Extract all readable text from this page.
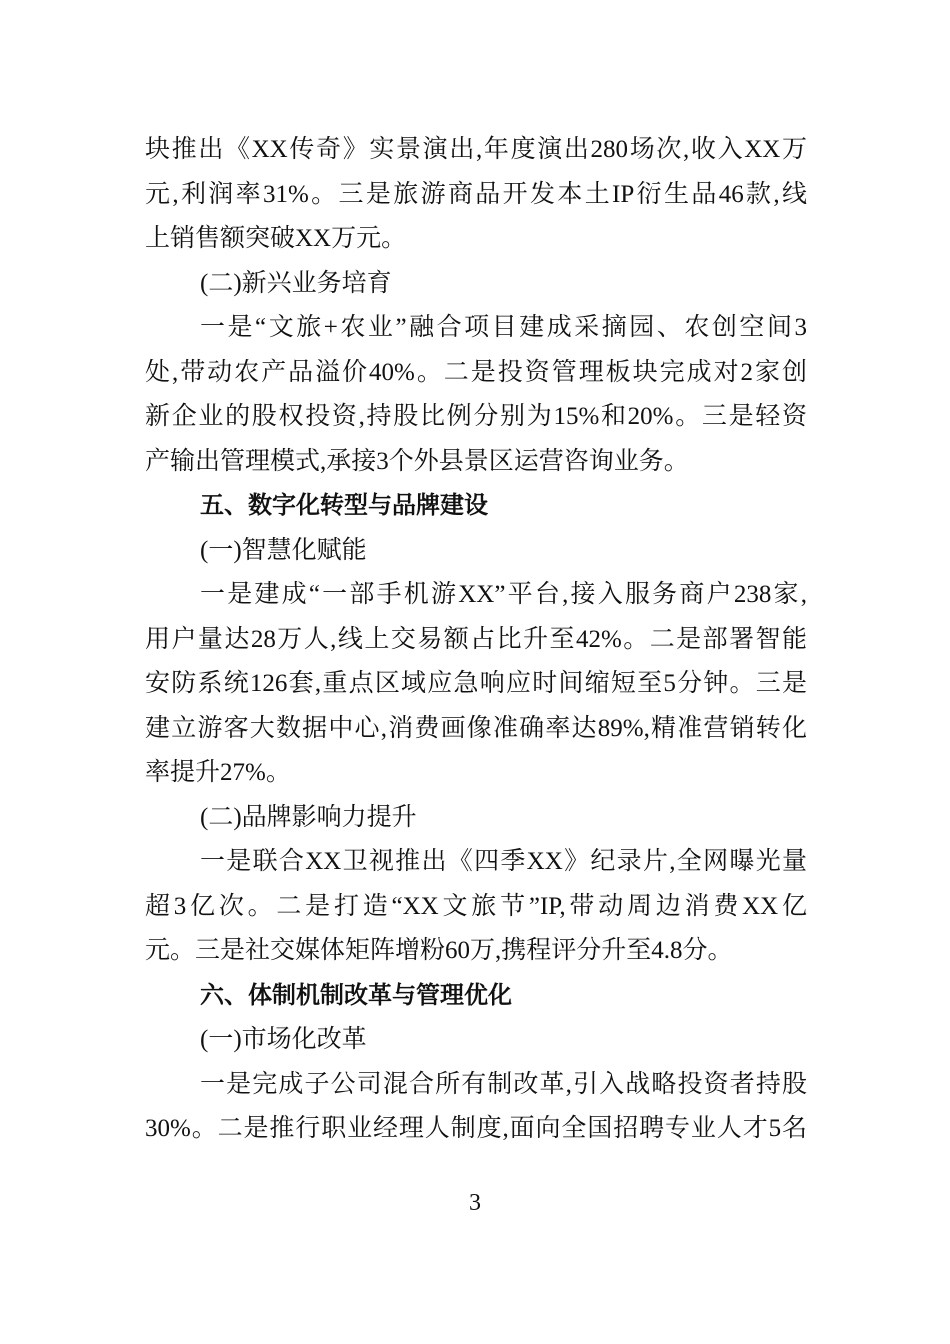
块推出《XX传奇》实景演出,年度演出280场次,收入XX万
元,利润率31%。三是旅游商品开发本土IP衍生品46款,线
上销售额突破XX万元。
(二)新兴业务培育
一是“文旅+农业”融合项目建成采摘园、农创空间3
处,带动农产品溢价40%。二是投资管理板块完成对2家创
新企业的股权投资,持股比例分别为15%和20%。三是轻资
产输出管理模式,承接3个外县景区运营咨询业务。
五、数字化转型与品牌建设
(一)智慧化赋能
一是建成“一部手机游XX”平台,接入服务商户238家,
用户量达28万人,线上交易额占比升至42%。二是部署智能
安防系统126套,重点区域应急响应时间缩短至5分钟。三是
建立游客大数据中心,消费画像准确率达89%,精准营销转化
率提升27%。
(二)品牌影响力提升
一是联合XX卫视推出《四季XX》纪录片,全网曝光量
超3亿次。二是打造“XX文旅节”IP,带动周边消费XX亿
元。三是社交媒体矩阵增粉60万,携程评分升至4.8分。
六、体制机制改革与管理优化
(一)市场化改革
一是完成子公司混合所有制改革,引入战略投资者持股
30%。二是推行职业经理人制度,面向全国招聘专业人才5名
3
